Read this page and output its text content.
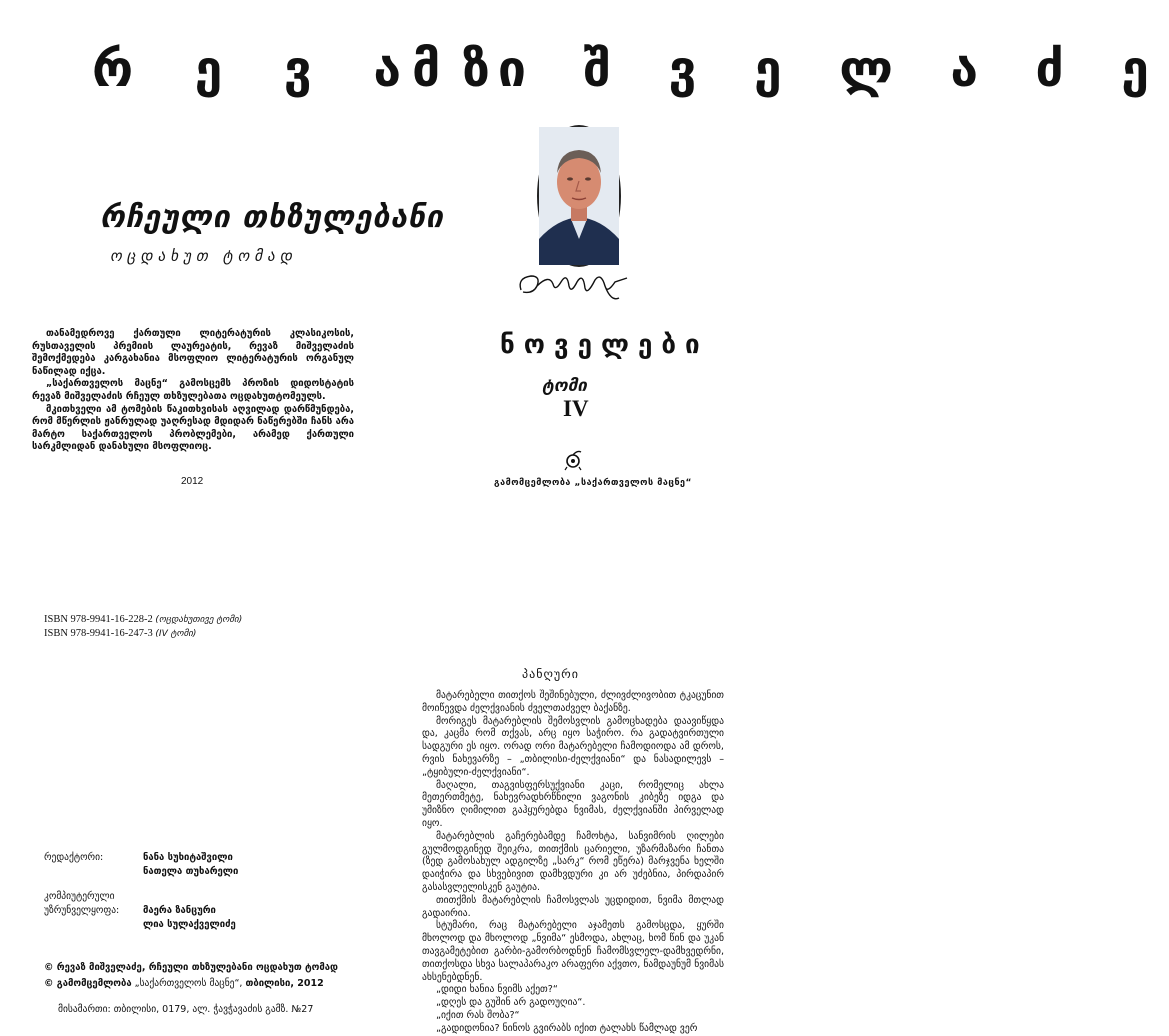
რ ე ვ ა ზ
მ ი შ ვ ე ლ ა ძ ე
რჩეული თხზულებანი
ოცდახუთ ტომად

თანამედროვე ქართული ლიტერატურის კლასიკოსის, რუსთაველის პრემიის ლაურეატის, რევაზ მიშველაძის შემოქმედება კარგახანია მსოფლიო ლიტერატურის ორგანულ ნაწილად იქცა.

„საქართველოს მაცნე“ გამოსცემს პროზის დიდოსტატის რევაზ მიშველაძის რჩეულ თხზულებათა ოცდახუთტომეულს.

მკითხველი ამ ტომების წაკითხვისას აღვილად დარწმუნდება, რომ მწერლის ჟანრულად უაღრესად მდიდარ ნაწერებში ჩანს არა მარტო საქართველოს პრობლემები, არამედ ქართული სარკმლიდან დანახული მსოფლიოც.

2012
ნოველები
ტომი
IV
გამომცემლობა „საქართველოს მაცნე“
ISBN 978-9941-16-228-2 (ოცდახუთივე ტომი)
ISBN 978-9941-16-247-3 (IV ტომი)
რედაქტორი:	ნანა სუხიტაშვილი
ნათელა თუხარელი
კომპიუტერული
უზრუნველყოფა: მაერა ზანცური
ლია სულაქველიძე
© რევაზ მიშველაძე, რჩეული თხზულებანი ოცდახუთ ტომად
© გამომცემლობა „საქართველოს მაცნე“, თბილისი, 2012
მისამართი: თბილისი, 0179, ალ. ჭავჭავაძის გამზ. №27
პანღური

მატარებელი თითქოს შეშინებული, ძლივძლივობით ტკაცუნით მოიწევდა ძელქვიანის ძველთაძველ ბაქანზე.

მორიგეს მატარებლის შემოსვლის გამოცხადება დაავიწყდა და, კაცმა რომ თქვას, არც იყო საჭირო. რა გადატვირთული სადგური ეს იყო. ორად ორი მატარებელი ჩამოდიოდა ამ დროს, რვის ნახევარზე – „თბილისი-ძელქვიანი“ და ნასადილევს – „ტყიბული-ძელქვიანი“.

მაღალი, თაგვისფერსუქვიანი კაცი, რომელიც ახლა მეთერთმეტე, ნახევრადხრწნილი ვაგონის კიბეზე იდგა და უმიზნო ღიმილით გაჰყურებდა ნვიმას, ძელქვიანში პირველად იყო.

მატარებლის გაჩერებამდე ჩამოხტა, სანვიმრის ღილები გულმოდგინედ შეიკრა, თითქმის ცარიელი, უზარმაზარი ჩანთა (ზედ გამოსახულ ადგილზე „სარკ“ რომ ეწერა) მარჯვენა ხელში დაიჭირა და სხვებივით დამხვდური კი არ უძებნია, პირდაპირ გასასვლელისკენ გაუტია.

თითქმის მატარებლის ჩამოსვლას უცდიდით, ნვიმა მთლად გადაირია.

სტუმარი, რაც მატარებელი აჯამეთს გამოსცდა, ყურში მხოლოდ და მხოლოდ „ნვიმა“ ესმოდა, ახლაც, ხომ წინ და უკან თავგამეტებით გარბი-გამორბოდნენ ჩამომსვლელ-დამხვედრნი, თითქოსდა სხვა სალაპარაკო არაფერი აქვთო, ნამდაუნუმ ნვიმას ახსენებდნენ.

„დიდი ხანია ნვიმს აქეთ?“

„დღეს და გუშინ არ გადოუღია“.

„იქით რას შობა?“

„გადიდონია? ნინოს გვირაბს იქით ტალახს წამლად ვერ
